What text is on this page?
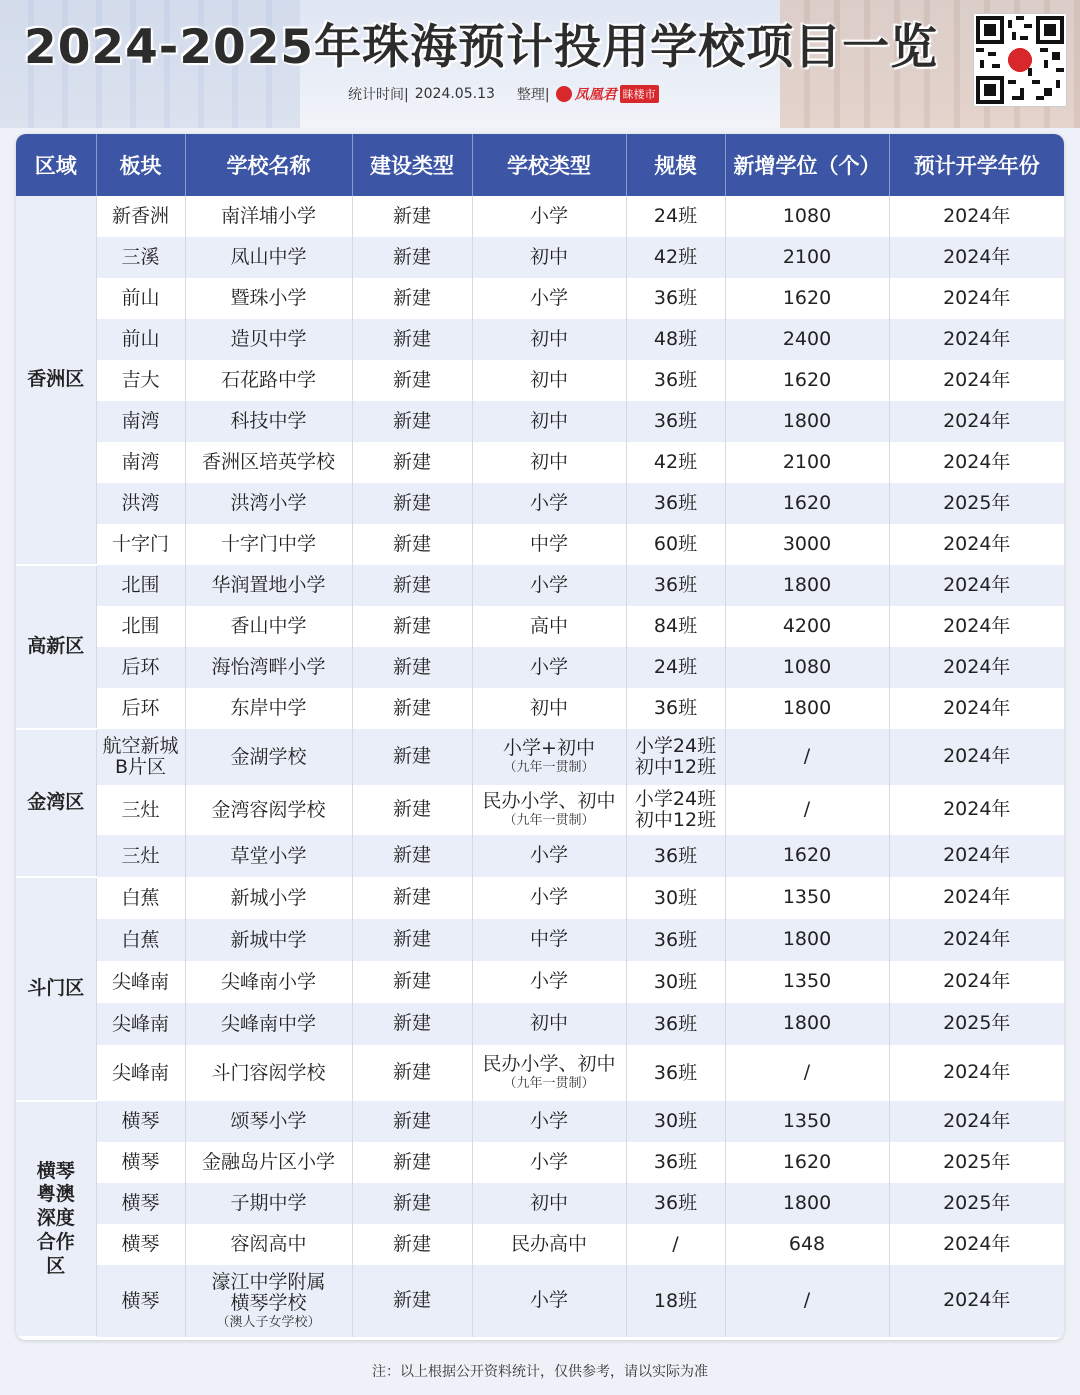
2024-2025年珠海预计投用学校项目一览
统计时间| 2024.05.13 整理| 凤凰君 睐楼市
区域	板块	学校名称	建设类型	学校类型	规模	新增学位（个）	预计开学年份
香洲区	新香洲	南洋埔小学	新建	小学	24班	1080	2024年
	三溪	凤山中学	新建	初中	42班	2100	2024年
	前山	暨珠小学	新建	小学	36班	1620	2024年
	前山	造贝中学	新建	初中	48班	2400	2024年
	吉大	石花路中学	新建	初中	36班	1620	2024年
	南湾	科技中学	新建	初中	36班	1800	2024年
	南湾	香洲区培英学校	新建	初中	42班	2100	2024年
	洪湾	洪湾小学	新建	小学	36班	1620	2025年
	十字门	十字门中学	新建	中学	60班	3000	2024年
高新区	北围	华润置地小学	新建	小学	36班	1800	2024年
	北围	香山中学	新建	高中	84班	4200	2024年
	后环	海怡湾畔小学	新建	小学	24班	1080	2024年
	后环	东岸中学	新建	初中	36班	1800	2024年
金湾区	航空新城B片区	金湖学校	新建	小学+初中
（九年一贯制）	小学24班 初中12班	/	2024年
	三灶	金湾容闳学校	新建	民办小学、初中
（九年一贯制）	小学24班 初中12班	/	2024年
	三灶	草堂小学	新建	小学	36班	1620	2024年
斗门区	白蕉	新城小学	新建	小学	30班	1350	2024年
	白蕉	新城中学	新建	中学	36班	1800	2024年
	尖峰南	尖峰南小学	新建	小学	30班	1350	2024年
	尖峰南	尖峰南中学	新建	初中	36班	1800	2025年
	尖峰南	斗门容闳学校	新建	民办小学、初中
（九年一贯制）	36班	/	2024年
横琴粤澳深度合作区	横琴	颂琴小学	新建	小学	30班	1350	2024年
	横琴	金融岛片区小学	新建	小学	36班	1620	2025年
	横琴	子期中学	新建	初中	36班	1800	2025年
	横琴	容闳高中	新建	民办高中	/	648	2024年
	横琴	濠江中学附属横琴学校
（澳人子女学校）	新建	小学	18班	/	2024年
注：以上根据公开资料统计，仅供参考，请以实际为准
